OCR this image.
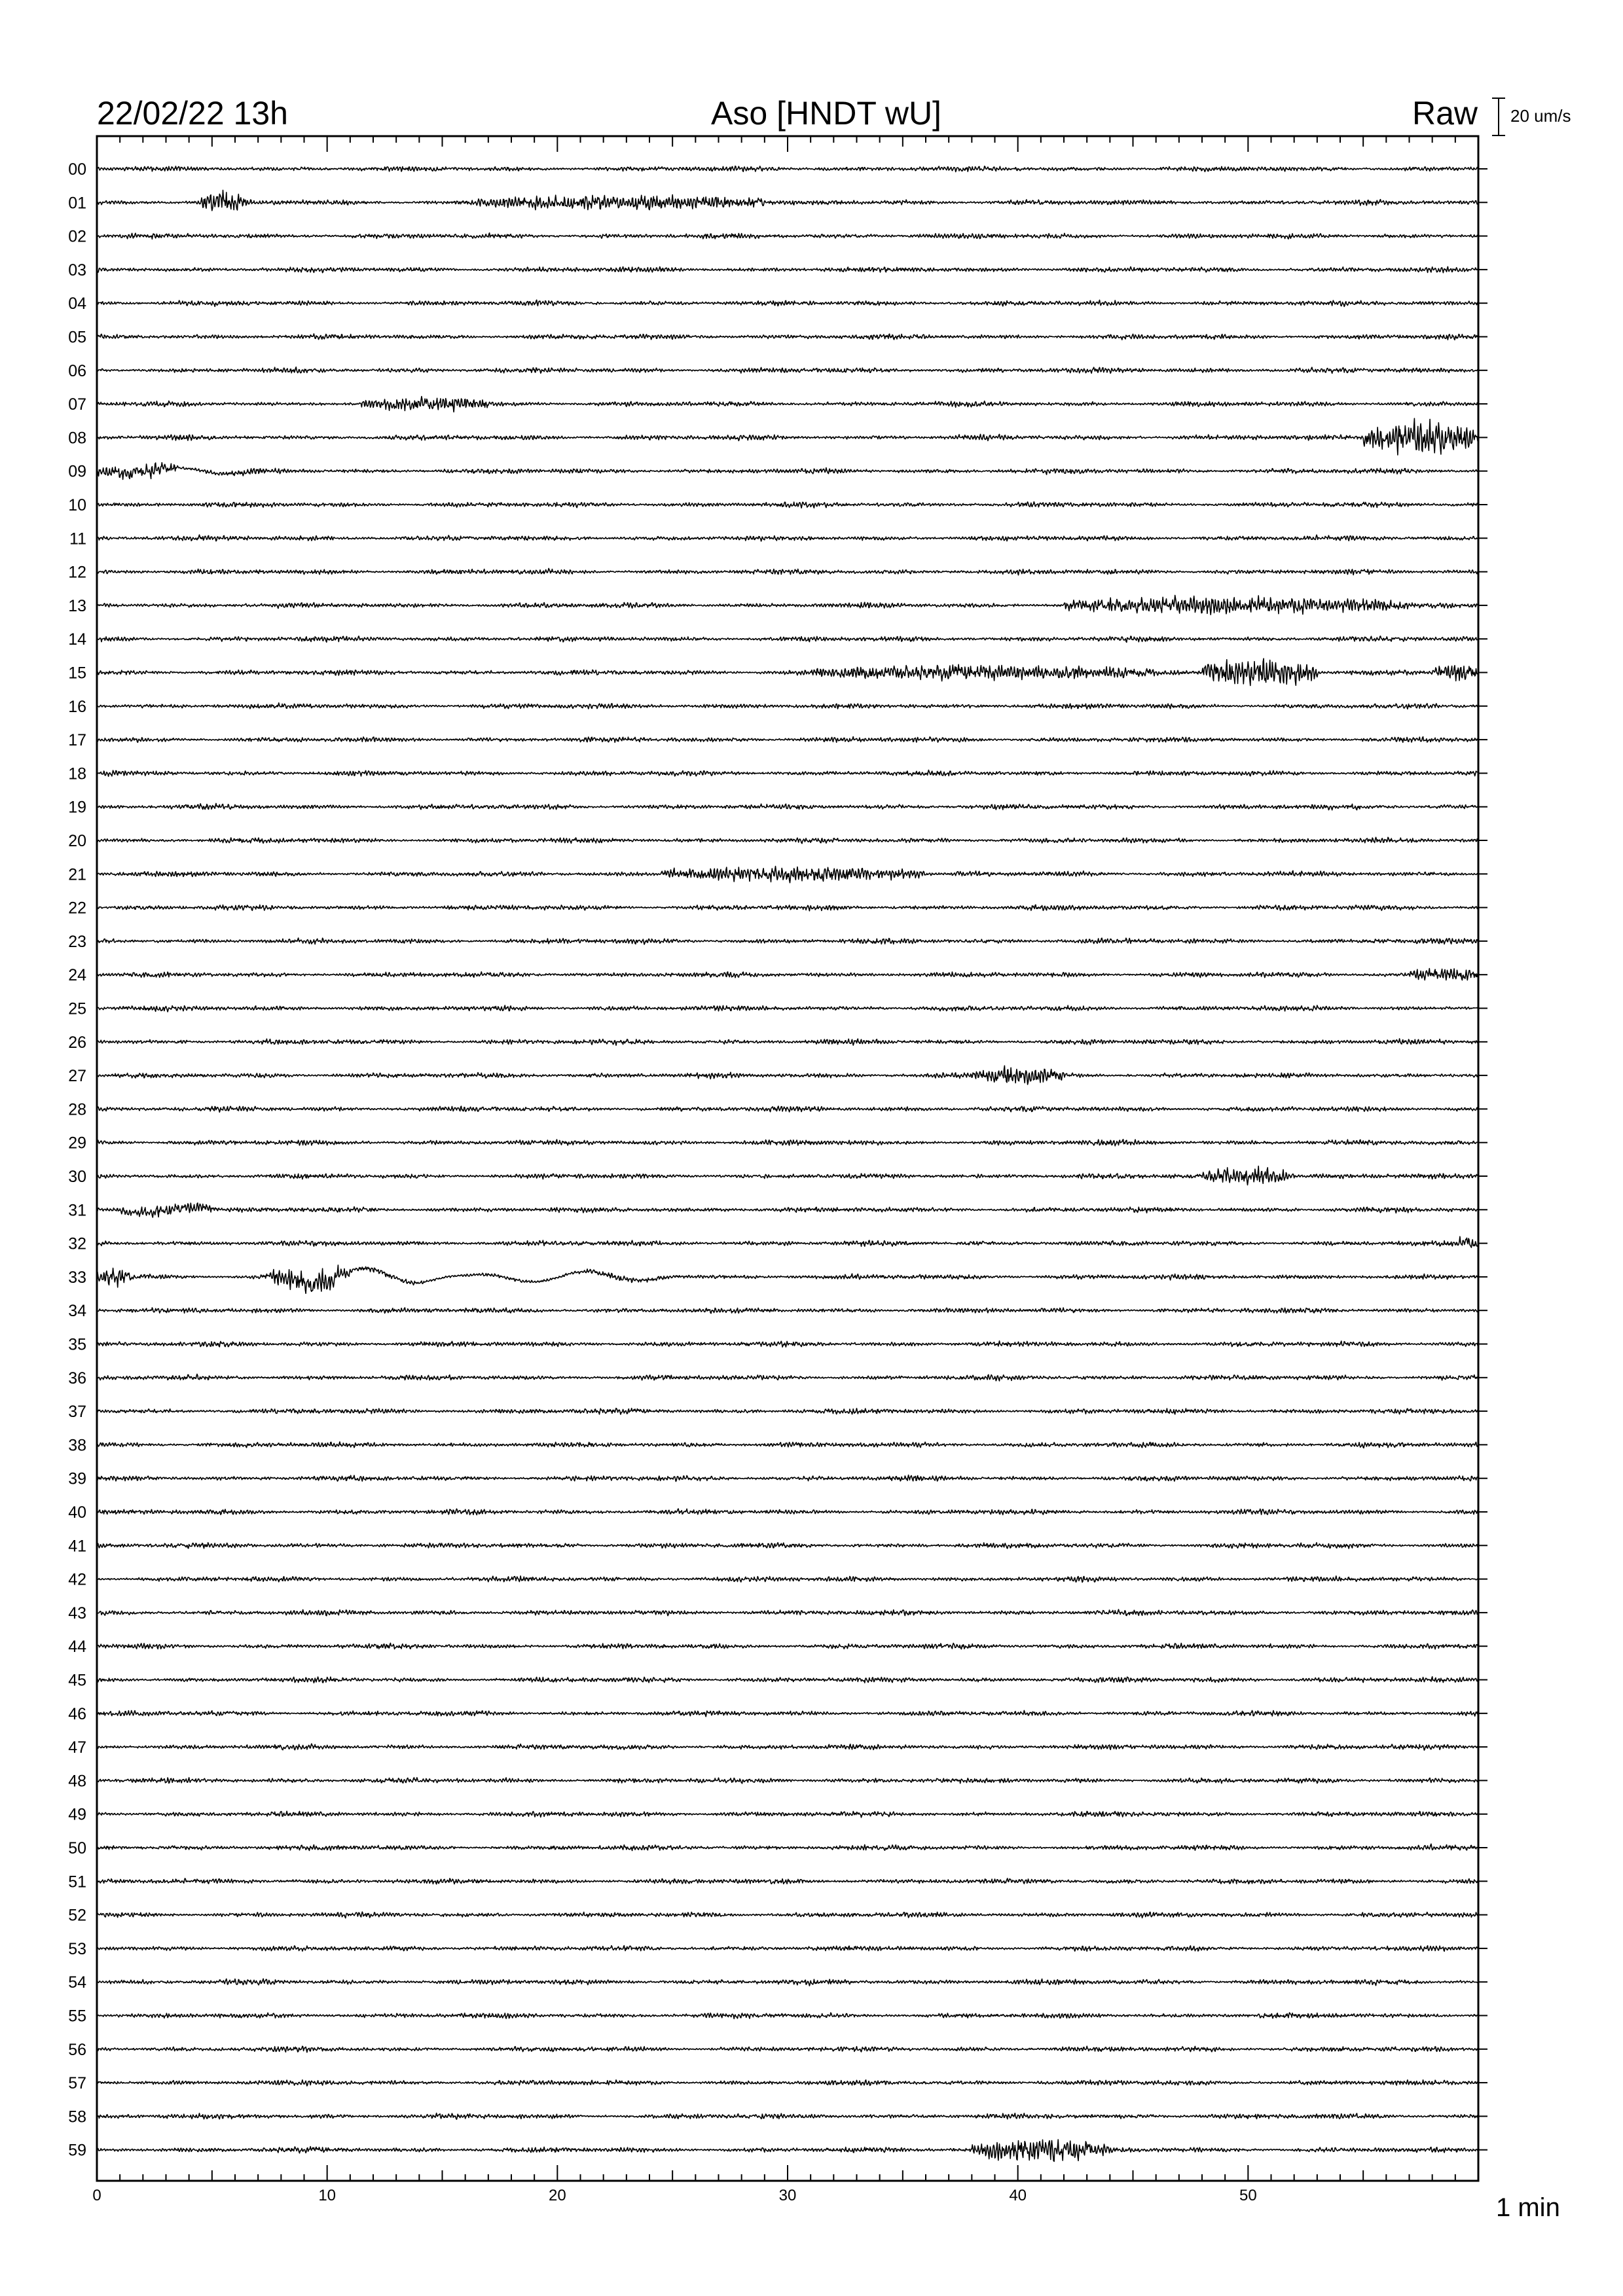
22/02/22 13h	Aso [HNDT wU]	Raw 20 um/s
00
01
02
03
04
05
06
07
08
09
10
11
12
13
14
15
16
17
18
19
20
21
22
23
24
25
26
27
28
29
30
31
32
33
34
35
36
37
38
39
40
41
42
43
44
45
46
47
48
49
50
51
52
53
54
55
56
57
58
59
0	10	20	30	40	50	1 min
